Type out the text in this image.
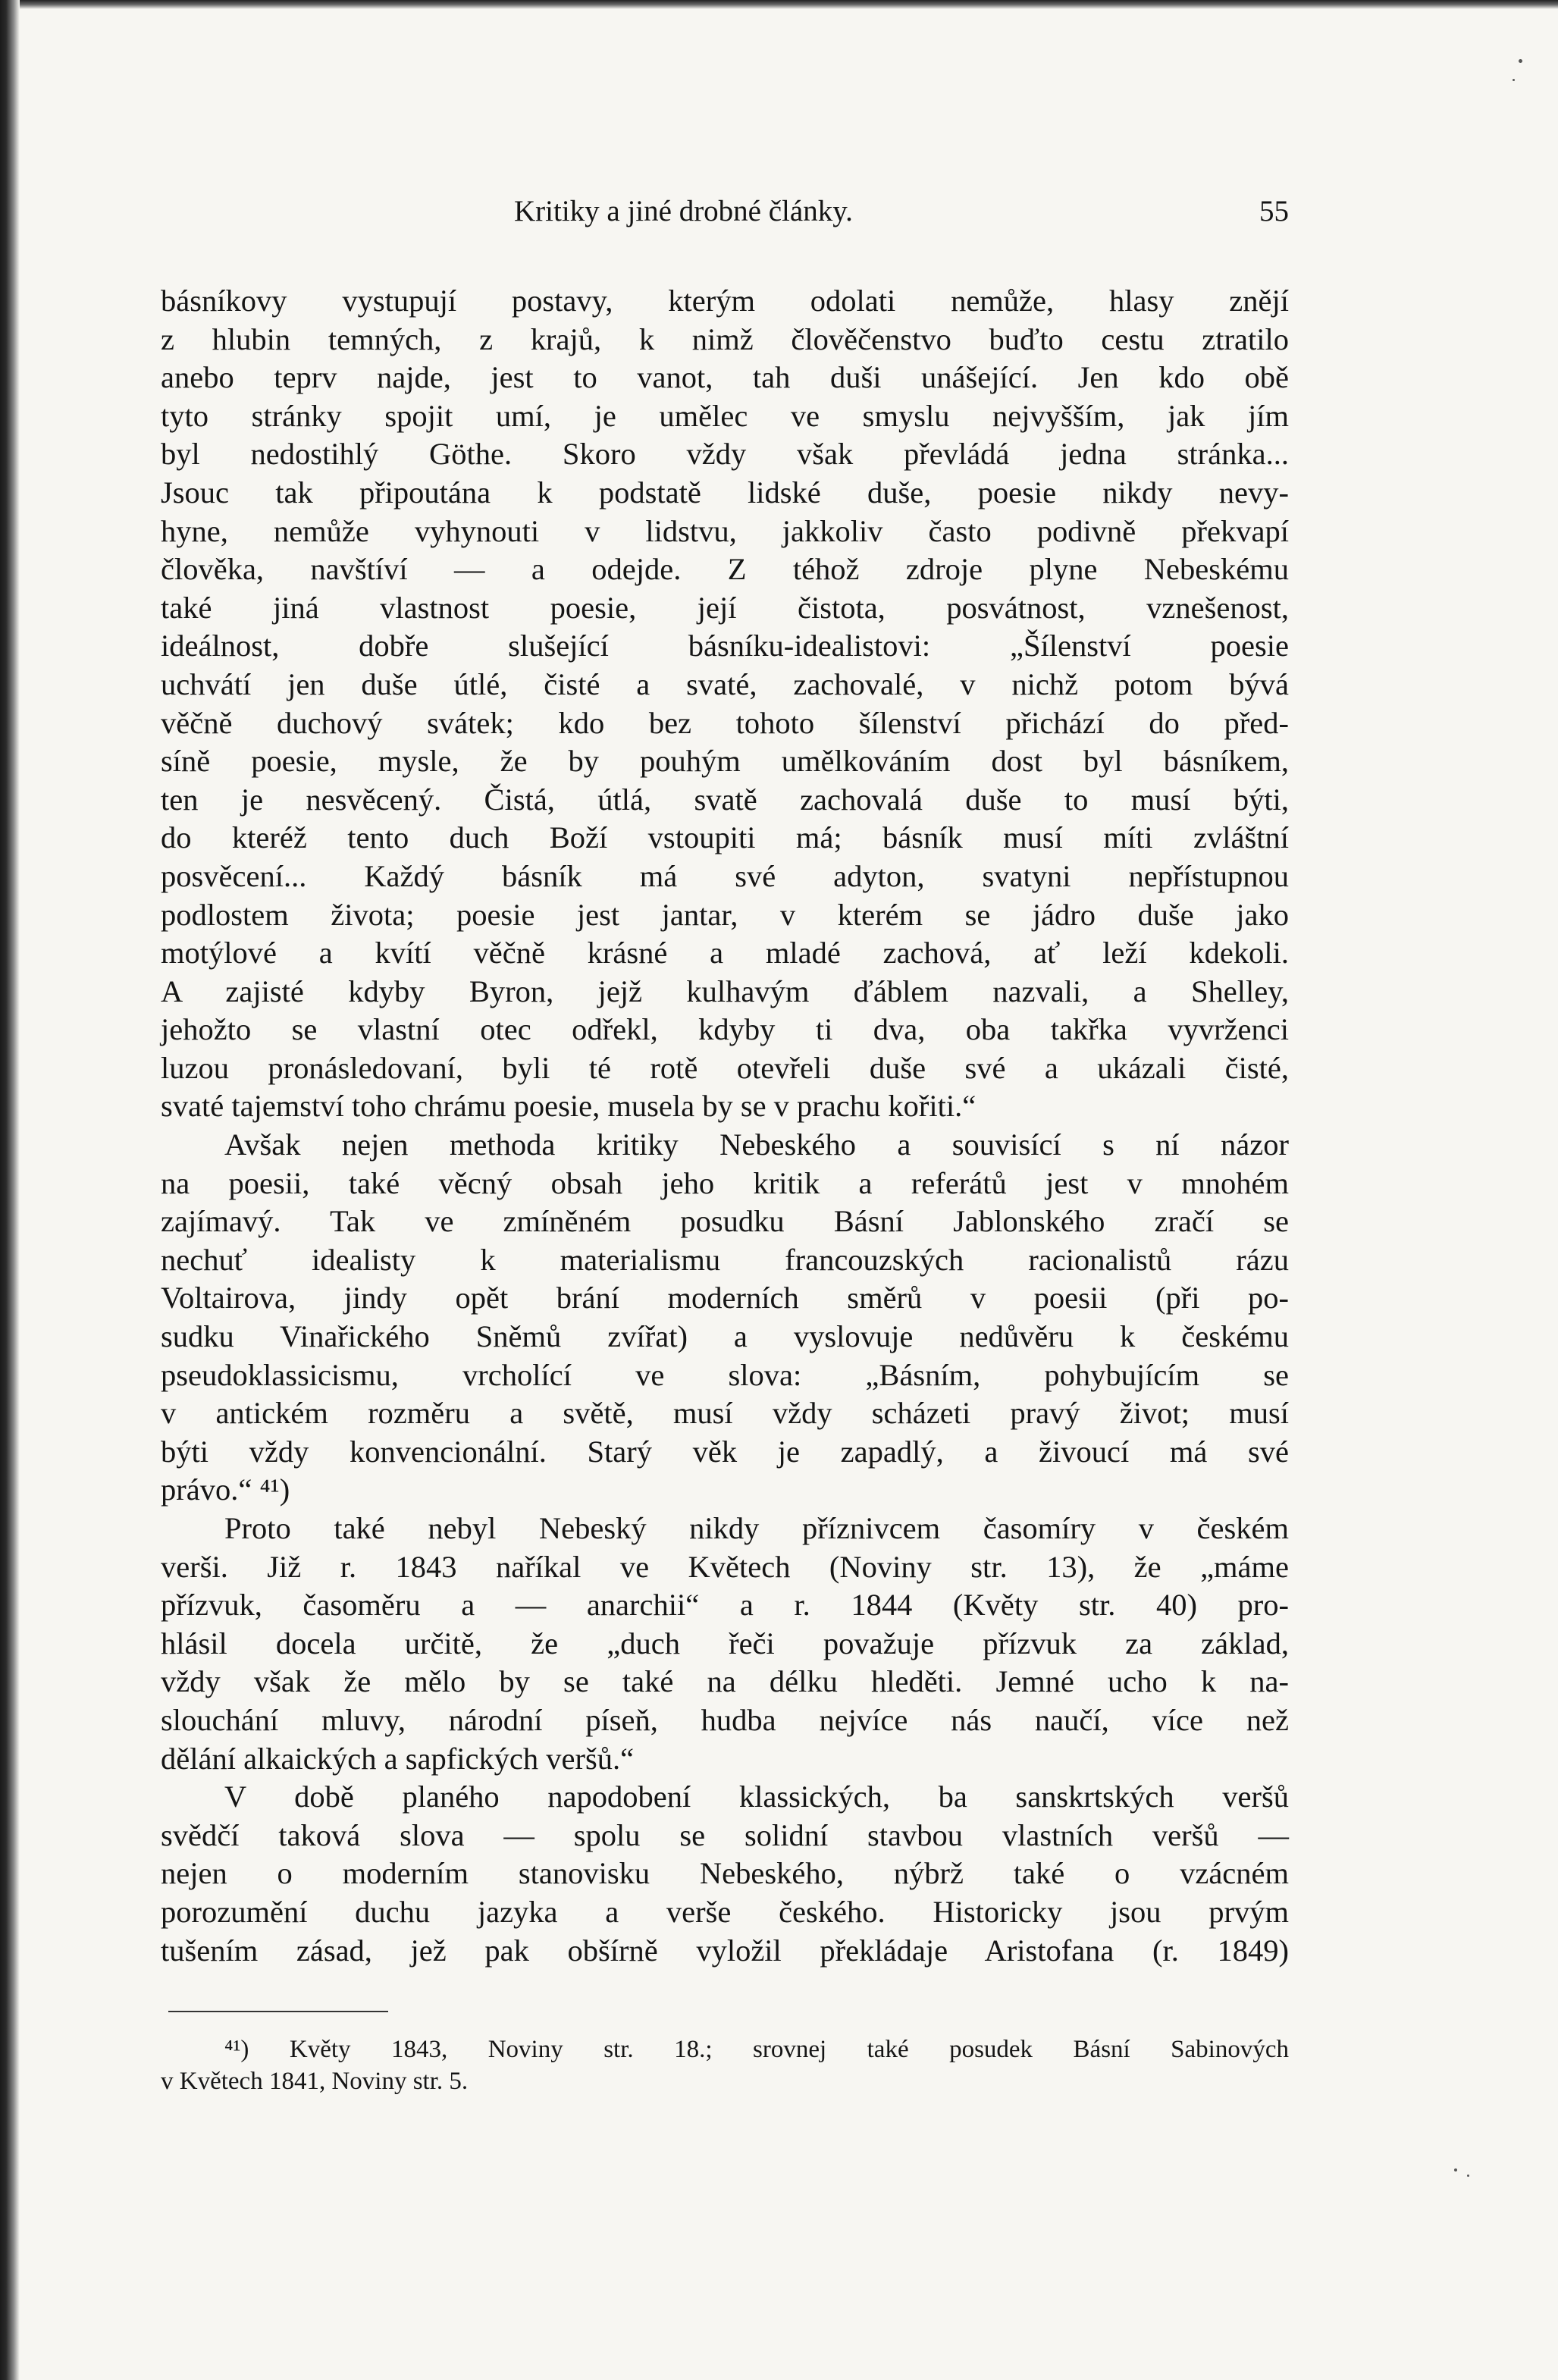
Kritiky a jiné drobné články.	55
básníkovy vystupují postavy, kterým odolati nemůže, hlasy znějí
z hlubin temných, z krajů, k nimž člověčenstvo buďto cestu ztratilo
anebo teprv najde, jest to vanot, tah duši unášející. Jen kdo obě
tyto stránky spojit umí, je umělec ve smyslu nejvyšším, jak jím
byl nedostihlý Göthe. Skoro vždy však převládá jedna stránka...
Jsouc tak připoutána k podstatě lidské duše, poesie nikdy nevy-
hyne, nemůže vyhynouti v lidstvu, jakkoliv často podivně překvapí
člověka, navštíví — a odejde. Z téhož zdroje plyne Nebeskému
také jiná vlastnost poesie, její čistota, posvátnost, vznešenost,
ideálnost, dobře slušející básníku-idealistovi: „Šílenství poesie
uchvátí jen duše útlé, čisté a svaté, zachovalé, v nichž potom bývá
věčně duchový svátek; kdo bez tohoto šílenství přichází do před-
síně poesie, mysle, že by pouhým umělkováním dost byl básníkem,
ten je nesvěcený. Čistá, útlá, svatě zachovalá duše to musí býti,
do kteréž tento duch Boží vstoupiti má; básník musí míti zvláštní
posvěcení... Každý básník má své adyton, svatyni nepřístupnou
podlostem života; poesie jest jantar, v kterém se jádro duše jako
motýlové a kvítí věčně krásné a mladé zachová, ať leží kdekoli.
A zajisté kdyby Byron, jejž kulhavým ďáblem nazvali, a Shelley,
jehožto se vlastní otec odřekl, kdyby ti dva, oba takřka vyvrženci
luzou pronásledovaní, byli té rotě otevřeli duše své a ukázali čisté,
svaté tajemství toho chrámu poesie, musela by se v prachu kořiti.“
Avšak nejen methoda kritiky Nebeského a souvisící s ní názor
na poesii, také věcný obsah jeho kritik a referátů jest v mnohém
zajímavý. Tak ve zmíněném posudku Básní Jablonského zračí se
nechuť idealisty k materialismu francouzských racionalistů rázu
Voltairova, jindy opět brání moderních směrů v poesii (při po-
sudku Vinařického Sněmů zvířat) a vyslovuje nedůvěru k českému
pseudoklassicismu, vrcholící ve slova: „Básním, pohybujícím se
v antickém rozměru a světě, musí vždy scházeti pravý život; musí
býti vždy konvencionální. Starý věk je zapadlý, a živoucí má své
právo.“ ⁴¹)
Proto také nebyl Nebeský nikdy příznivcem časomíry v českém
verši. Již r. 1843 naříkal ve Květech (Noviny str. 13), že „máme
přízvuk, časoměru a — anarchii“ a r. 1844 (Květy str. 40) pro-
hlásil docela určitě, že „duch řeči považuje přízvuk za základ,
vždy však že mělo by se také na délku hleděti. Jemné ucho k na-
slouchání mluvy, národní píseň, hudba nejvíce nás naučí, více než
dělání alkaických a sapfických veršů.“
V době planého napodobení klassických, ba sanskrtských veršů
svědčí taková slova — spolu se solidní stavbou vlastních veršů —
nejen o moderním stanovisku Nebeského, nýbrž také o vzácném
porozumění duchu jazyka a verše českého. Historicky jsou prvým
tušením zásad, jež pak obšírně vyložil překládaje Aristofana (r. 1849)
⁴¹) Květy 1843, Noviny str. 18.; srovnej také posudek Básní Sabinových
v Květech 1841, Noviny str. 5.
